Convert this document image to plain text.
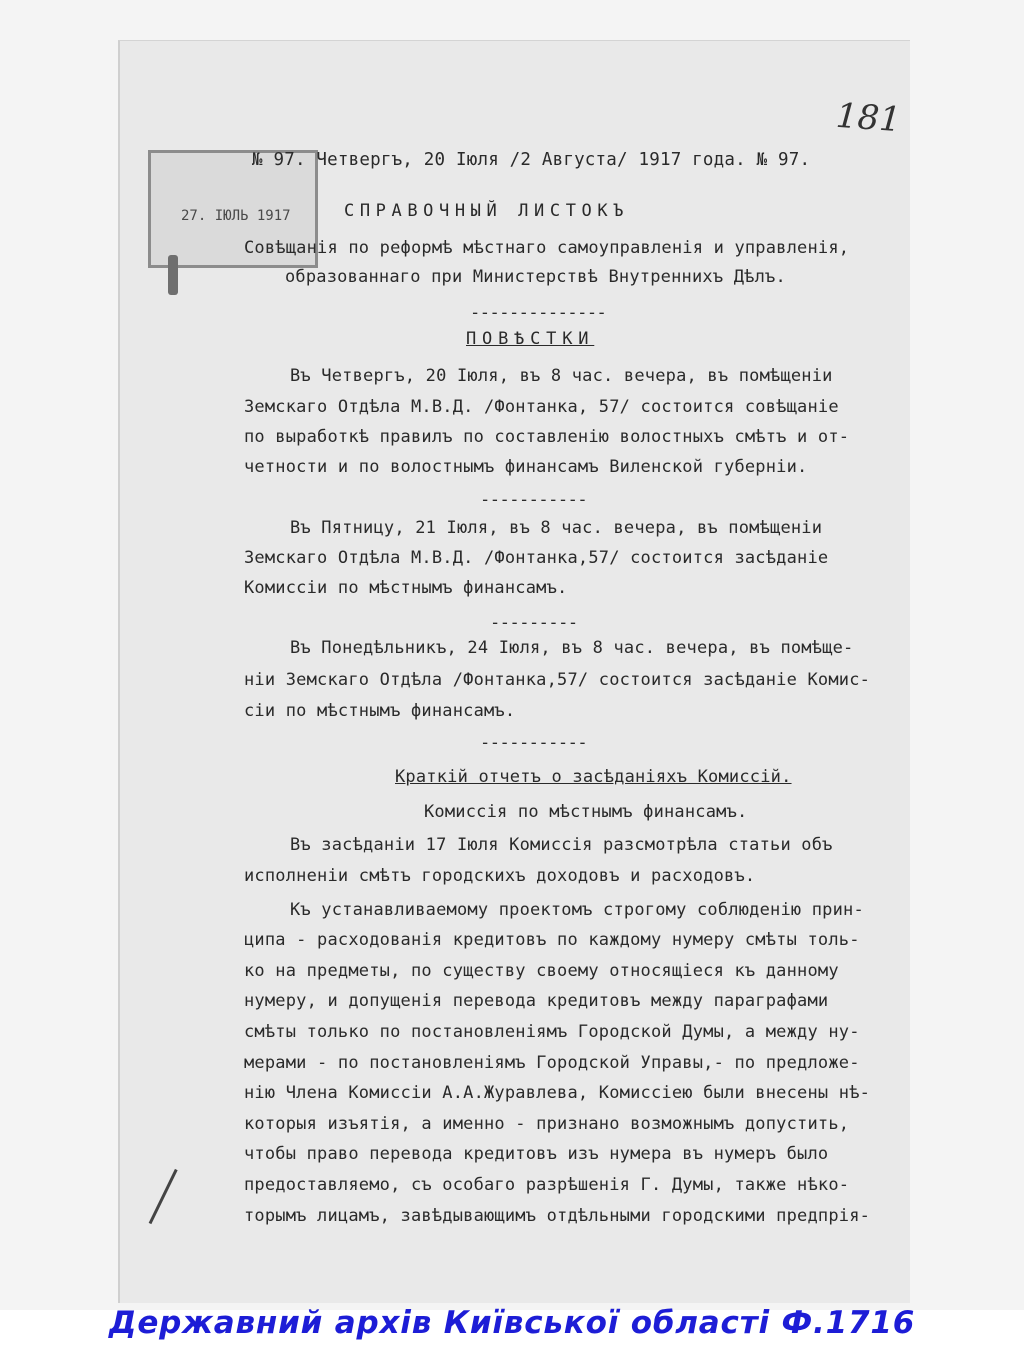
27. ІЮЛЬ 1917
181
№ 97. Четвергъ, 20 Іюля /2 Августа/ 1917 года. № 97.
СПРАВОЧНЫЙ ЛИСТОКЪ
Совѣщанія по реформѣ мѣстнаго самоуправленія и управленія,
образованнаго при Министерствѣ Внутреннихъ Дѣлъ.
--------------
ПОВѢСТКИ
Въ Четвергъ, 20 Іюля, въ 8 час. вечера, въ помѣщеніи
Земскаго Отдѣла М.В.Д. /Фонтанка, 57/ состоится совѣщаніе
по выработкѣ правилъ по составленію волостныхъ смѣтъ и от-
четности и по волостнымъ финансамъ Виленской губерніи.
-----------
Въ Пятницу, 21 Іюля, въ 8 час. вечера, въ помѣщеніи
Земскаго Отдѣла М.В.Д. /Фонтанка,57/ состоится засѣданіе
Комиссіи по мѣстнымъ финансамъ.
---------
Въ Понедѣльникъ, 24 Іюля, въ 8 час. вечера, въ помѣще-
ніи Земскаго Отдѣла /Фонтанка,57/ состоится засѣданіе Комис-
сіи по мѣстнымъ финансамъ.
-----------
Краткій отчетъ о засѣданіяхъ Комиссій.
Комиссія по мѣстнымъ финансамъ.
Въ засѣданіи 17 Іюля Комиссія разсмотрѣла статьи объ
исполненіи смѣтъ городскихъ доходовъ и расходовъ.
Къ устанавливаемому проектомъ строгому соблюденію прин-
ципа - расходованія кредитовъ по каждому нумеру смѣты толь-
ко на предметы, по существу своему относящіеся къ данному
нумеру, и допущенія перевода кредитовъ между параграфами
смѣты только по постановленіямъ Городской Думы, а между ну-
мерами - по постановленіямъ Городской Управы,- по предложе-
нію Члена Комиссіи А.А.Журавлева, Комиссіею были внесены нѣ-
которыя изъятія, а именно - признано возможнымъ допустить,
чтобы право перевода кредитовъ изъ нумера въ нумеръ было
предоставляемо, съ особаго разрѣшенія Г. Думы, также нѣко-
торымъ лицамъ, завѣдывающимъ отдѣльными городскими предпрія-
Державний архів Київської області Ф.1716
